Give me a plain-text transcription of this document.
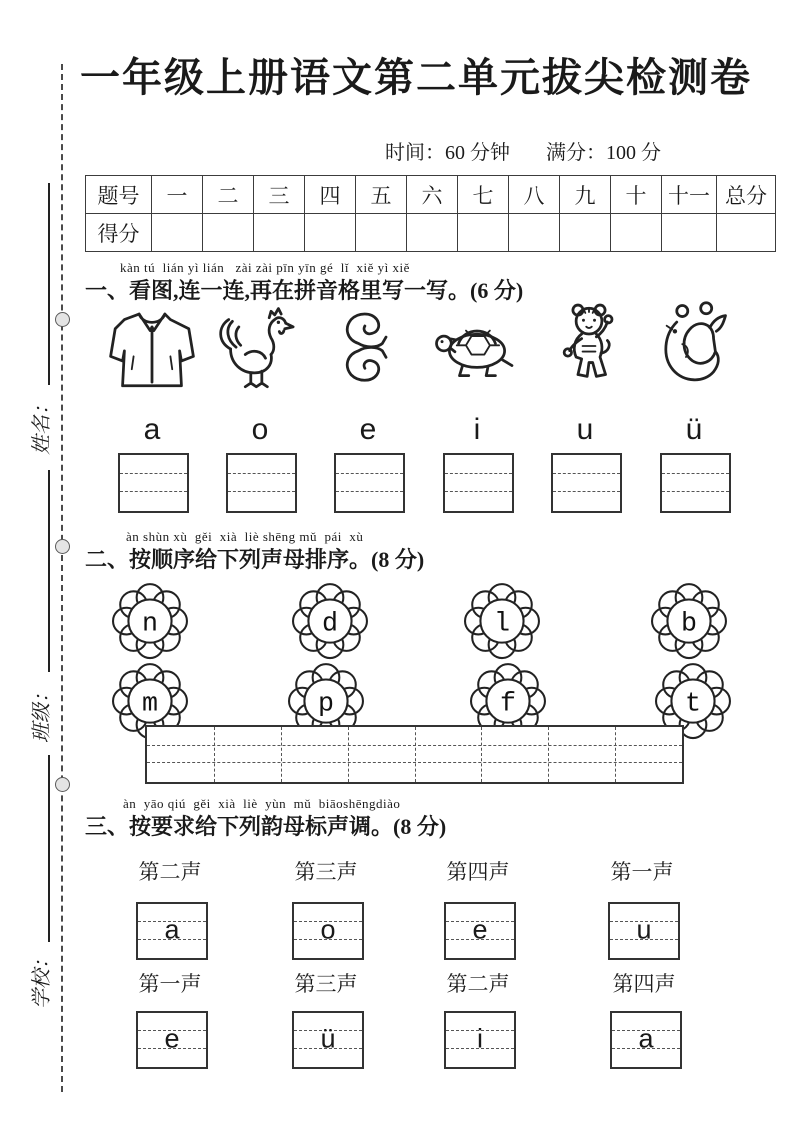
姓名：
班级：
学校：
一年级上册语文第二单元拔尖检测卷
时间：60 分钟 满分：100 分
题号	一	二	三	四	五	六	七	八	九	十	十一	总分
得分												
kàn tú  lián yì lián   zài zài pīn yīn gé  lǐ  xiě yì xiě
一、看图,连一连,再在拼音格里写一写。(6 分)
a	o	e	i	u	ü
àn shùn xù  gěi  xià  liè shēng mǔ  pái  xù
二、按顺序给下列声母排序。(8 分)
n	d	l	b
m	p	f	t
àn  yāo qiú  gěi  xià  liè  yùn  mǔ  biāoshēngdiào
三、按要求给下列韵母标声调。(8 分)
第二声	第三声	第四声	第一声
a	o	e	u
第一声	第三声	第二声	第四声
e	ü	i	a
